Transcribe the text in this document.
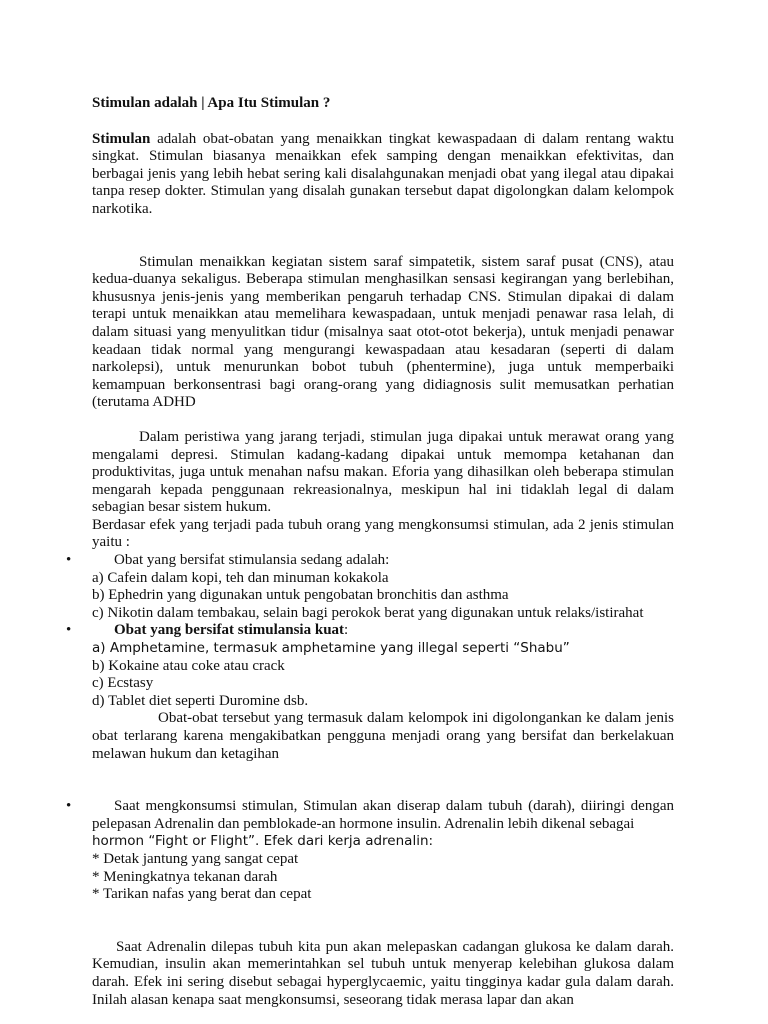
Stimulan adalah | Apa Itu Stimulan ?

Stimulan adalah obat-obatan yang menaikkan tingkat kewaspadaan di dalam rentang waktu singkat. Stimulan biasanya menaikkan efek samping dengan menaikkan efektivitas, dan berbagai jenis yang lebih hebat sering kali disalahgunakan menjadi obat yang ilegal atau dipakai tanpa resep dokter. Stimulan yang disalah gunakan tersebut dapat digolongkan dalam kelompok narkotika.

Stimulan menaikkan kegiatan sistem saraf simpatetik, sistem saraf pusat (CNS), atau kedua-duanya sekaligus. Beberapa stimulan menghasilkan sensasi kegirangan yang berlebihan, khususnya jenis-jenis yang memberikan pengaruh terhadap CNS. Stimulan dipakai di dalam terapi untuk menaikkan atau memelihara kewaspadaan, untuk menjadi penawar rasa lelah, di dalam situasi yang menyulitkan tidur (misalnya saat otot-otot bekerja), untuk menjadi penawar keadaan tidak normal yang mengurangi kewaspadaan atau kesadaran (seperti di dalam narkolepsi), untuk menurunkan bobot tubuh (phentermine), juga untuk memperbaiki kemampuan berkonsentrasi bagi orang-orang yang didiagnosis sulit memusatkan perhatian (terutama ADHD

Dalam peristiwa yang jarang terjadi, stimulan juga dipakai untuk merawat orang yang mengalami depresi. Stimulan kadang-kadang dipakai untuk memompa ketahanan dan produktivitas, juga untuk menahan nafsu makan. Eforia yang dihasilkan oleh beberapa stimulan mengarah kepada penggunaan rekreasionalnya, meskipun hal ini tidaklah legal di dalam sebagian besar sistem hukum.

Berdasar efek yang terjadi pada tubuh orang yang mengkonsumsi stimulan, ada 2 jenis stimulan yaitu :

•	Obat yang bersifat stimulansia sedang adalah:

a) Cafein dalam kopi, teh dan minuman kokakola

b) Ephedrin yang digunakan untuk pengobatan bronchitis dan asthma

c) Nikotin dalam tembakau, selain bagi perokok berat yang digunakan untuk relaks/istirahat

•	Obat yang bersifat stimulansia kuat:

a) Amphetamine, termasuk amphetamine yang illegal seperti “Shabu”

b) Kokaine atau coke atau crack

c) Ecstasy

d) Tablet diet seperti Duromine dsb.

Obat-obat tersebut yang termasuk dalam kelompok ini digolongankan ke dalam jenis obat terlarang karena mengakibatkan pengguna menjadi orang yang bersifat dan berkelakuan melawan hukum dan ketagihan

•	Saat mengkonsumsi stimulan, Stimulan akan diserap dalam tubuh (darah), diiringi dengan pelepasan Adrenalin dan pemblokade-an hormone insulin. Adrenalin lebih dikenal sebagai

hormon “Fight or Flight”. Efek dari kerja adrenalin:

* Detak jantung yang sangat cepat

* Meningkatnya tekanan darah

* Tarikan nafas yang berat dan cepat

Saat Adrenalin dilepas tubuh kita pun akan melepaskan cadangan glukosa ke dalam darah. Kemudian, insulin akan memerintahkan sel tubuh untuk menyerap kelebihan glukosa dalam darah. Efek ini sering disebut sebagai hyperglycaemic, yaitu tingginya kadar gula dalam darah. Inilah alasan kenapa saat mengkonsumsi, seseorang tidak merasa lapar dan akan
